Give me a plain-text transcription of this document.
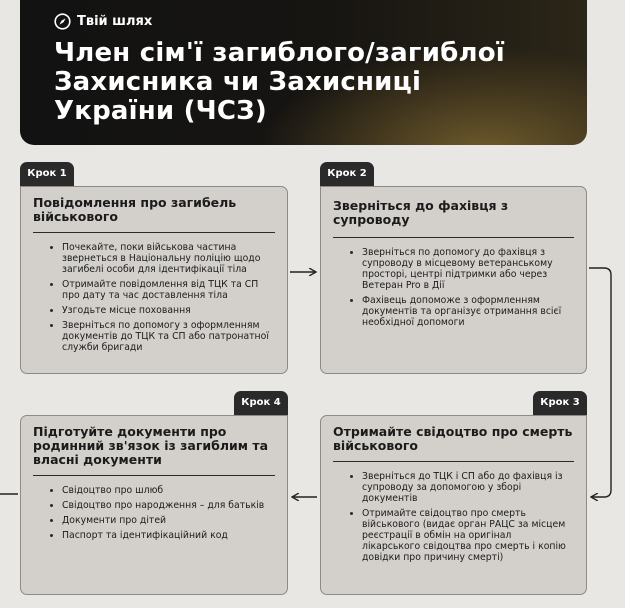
Твій шлях
Член сім'ї загиблого/загиблої
Захисника чи Захисниці
України (ЧСЗ)
Крок 1
Повідомлення про загибель
військового
Почекайте, поки військова частина
звернеться в Національну поліцію щодо
загибелі особи для ідентифікації тіла
Отримайте повідомлення від ТЦК та СП
про дату та час доставлення тіла
Узгодьте місце поховання
Зверніться по допомогу з оформленням
документів до ТЦК та СП або патронатної
служби бригади
Крок 2
Зверніться до фахівця з супроводу
Зверніться по допомогу до фахівця з
супроводу в місцевому ветеранському
просторі, центрі підтримки або через
Ветеран Pro в Дії
Фахівець допоможе з оформленням
документів та організує отримання всієї
необхідної допомоги
Крок 4
Підготуйте документи про
родинний зв'язок із загиблим та
власні документи
Свідоцтво про шлюб
Свідоцтво про народження – для батьків
Документи про дітей
Паспорт та ідентифікаційний код
Крок 3
Отримайте свідоцтво про смерть
військового
Зверніться до ТЦК і СП або до фахівця із
супроводу за допомогою у зборі
документів
Отримайте свідоцтво про смерть
військового (видає орган РАЦС за місцем
реєстрації в обмін на оригінал
лікарського свідоцтва про смерть і копію
довідки про причину смерті)
